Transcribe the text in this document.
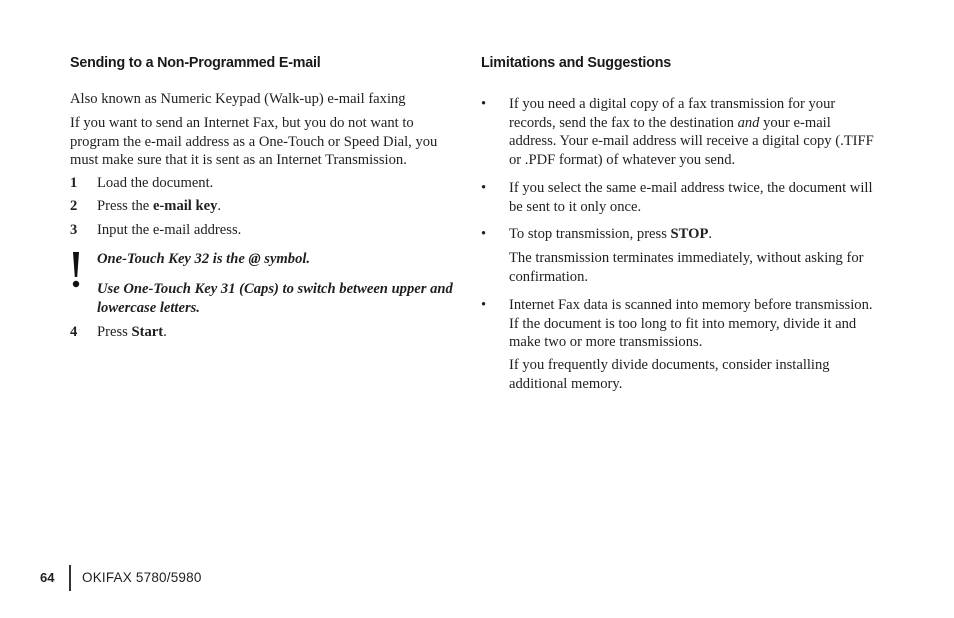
Sending to a Non-Programmed E-mail

Also known as Numeric Keypad (Walk-up) e-mail faxing

If you want to send an Internet Fax, but you do not want to program the e-mail address as a One-Touch or Speed Dial, you must make sure that it is sent as an Internet Transmission.

1 Load the document.
2 Press the e-mail key.
3 Input the e-mail address.
One-Touch Key 32 is the @ symbol.
Use One-Touch Key 31 (Caps) to switch between upper and lowercase letters.
4 Press Start.
Limitations and Suggestions
• If you need a digital copy of a fax transmission for your records, send the fax to the destination and your e-mail address. Your e-mail address will receive a digital copy (.TIFF or .PDF format) of whatever you send.
• If you select the same e-mail address twice, the document will be sent to it only once.
• To stop transmission, press STOP.
The transmission terminates immediately, without asking for confirmation.
• Internet Fax data is scanned into memory before transmission. If the document is too long to fit into memory, divide it and make two or more transmissions.
If you frequently divide documents, consider installing additional memory.
64 OKIFAX 5780/5980
